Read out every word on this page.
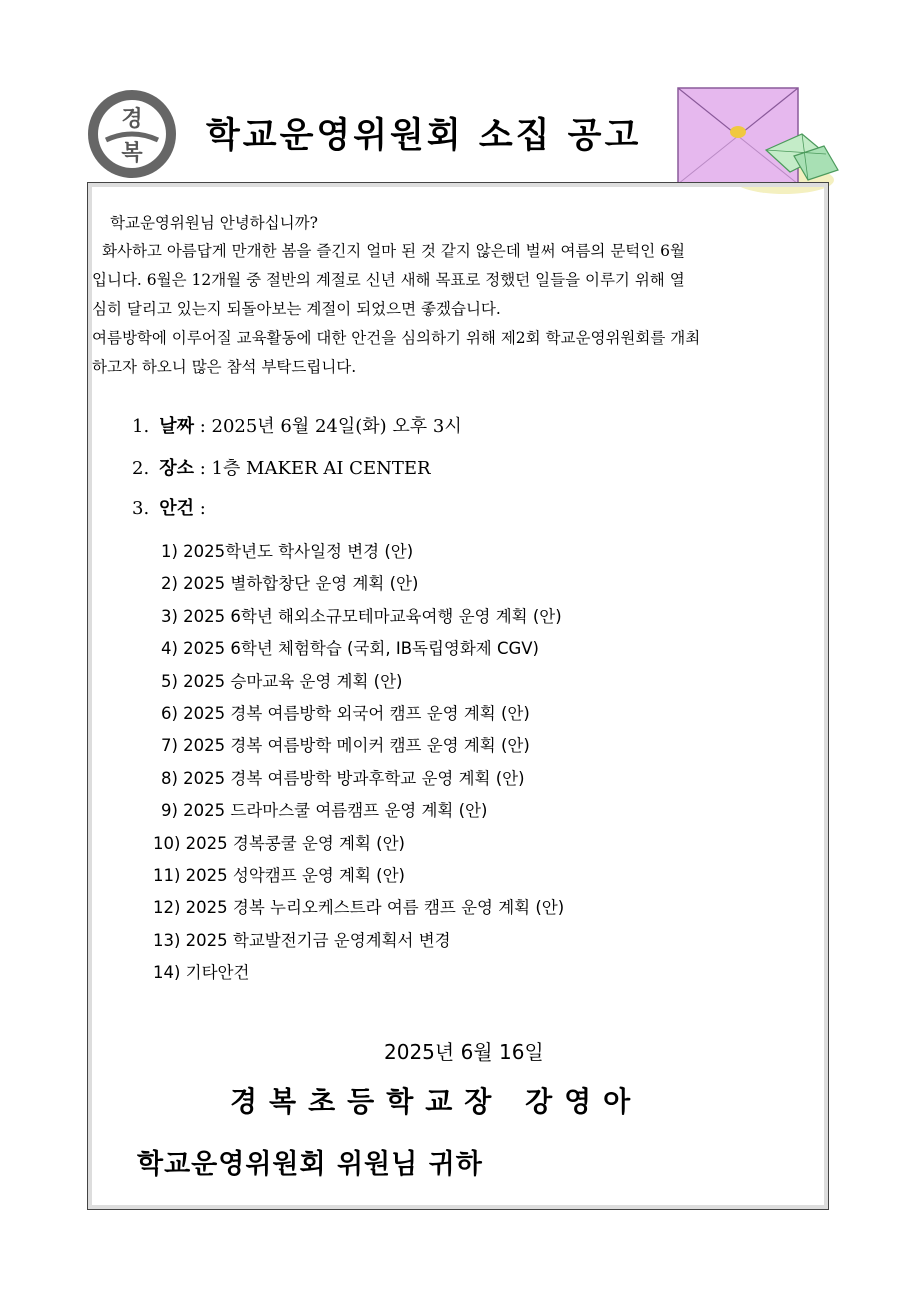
경
복 학교운영위원회 소집 공고
학교운영위원님 안녕하십니까?

화사하고 아름답게 만개한 봄을 즐긴지 얼마 된 것 같지 않은데 벌써 여름의 문턱인 6월

입니다. 6월은 12개월 중 절반의 계절로 신년 새해 목표로 정했던 일들을 이루기 위해 열

심히 달리고 있는지 되돌아보는 계절이 되었으면 좋겠습니다.

여름방학에 이루어질 교육활동에 대한 안건을 심의하기 위해 제2회 학교운영위원회를 개최

하고자 하오니 많은 참석 부탁드립니다.

1. 날짜 : 2025년 6월 24일(화) 오후 3시
2. 장소 : 1층 MAKER AI CENTER
3. 안건 :
1) 2025학년도 학사일정 변경 (안)
2) 2025 별하합창단 운영 계획 (안)
3) 2025 6학년 해외소규모테마교육여행 운영 계획 (안)
4) 2025 6학년 체험학습 (국회, IB독립영화제 CGV)
5) 2025 승마교육 운영 계획 (안)
6) 2025 경복 여름방학 외국어 캠프 운영 계획 (안)
7) 2025 경복 여름방학 메이커 캠프 운영 계획 (안)
8) 2025 경복 여름방학 방과후학교 운영 계획 (안)
9) 2025 드라마스쿨 여름캠프 운영 계획 (안)
10) 2025 경복콩쿨 운영 계획 (안)
11) 2025 성악캠프 운영 계획 (안)
12) 2025 경복 누리오케스트라 여름 캠프 운영 계획 (안)
13) 2025 학교발전기금 운영계획서 변경
14) 기타안건
2025년 6월 16일
경복초등학교장 강영아
학교운영위원회 위원님 귀하
